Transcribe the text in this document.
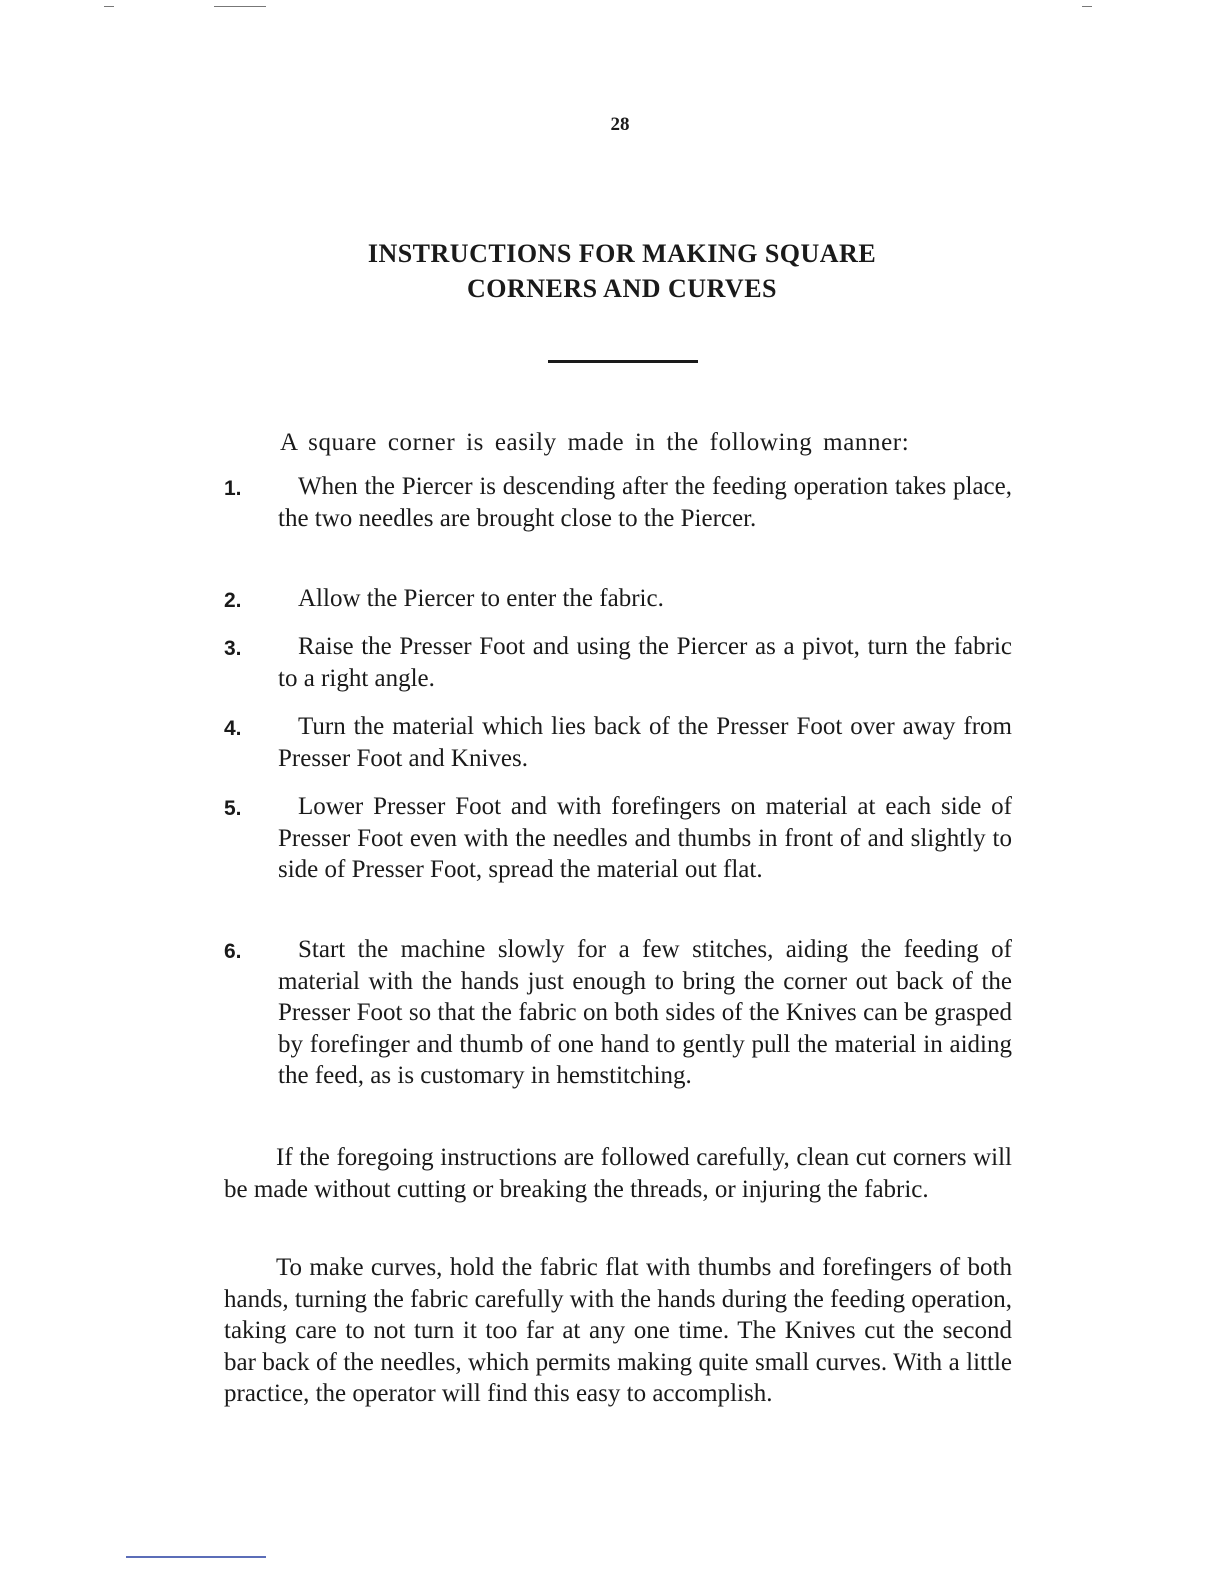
28
INSTRUCTIONS FOR MAKING SQUARE
CORNERS AND CURVES
A square corner is easily made in the following manner:
1.	When the Piercer is descending after the feeding operation takes place, the two needles are brought close to the Piercer.
2.	Allow the Piercer to enter the fabric.
3.	Raise the Presser Foot and using the Piercer as a pivot, turn the fabric to a right angle.
4.	Turn the material which lies back of the Presser Foot over away from Presser Foot and Knives.
5.	Lower Presser Foot and with forefingers on material at each side of Presser Foot even with the needles and thumbs in front of and slightly to side of Presser Foot, spread the material out flat.
6.	Start the machine slowly for a few stitches, aiding the feeding of material with the hands just enough to bring the corner out back of the Presser Foot so that the fabric on both sides of the Knives can be grasped by forefinger and thumb of one hand to gently pull the material in aiding the feed, as is customary in hemstitching.
If the foregoing instructions are followed carefully, clean cut corners will be made without cutting or breaking the threads, or injuring the fabric.
To make curves, hold the fabric flat with thumbs and forefingers of both hands, turning the fabric carefully with the hands during the feeding operation, taking care to not turn it too far at any one time. The Knives cut the second bar back of the needles, which permits making quite small curves. With a little practice, the operator will find this easy to accomplish.
